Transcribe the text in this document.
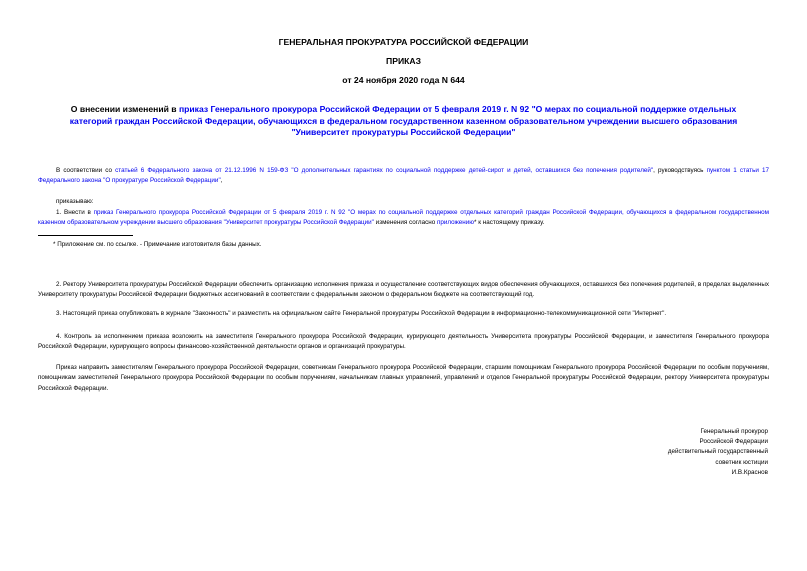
ГЕНЕРАЛЬНАЯ ПРОКУРАТУРА РОССИЙСКОЙ ФЕДЕРАЦИИ
ПРИКАЗ
от 24 ноября 2020 года N 644
О внесении изменений в приказ Генерального прокурора Российской Федерации от 5 февраля 2019 г. N 92 "О мерах по социальной поддержке отдельных категорий граждан Российской Федерации, обучающихся в федеральном государственном казенном образовательном учреждении высшего образования "Университет прокуратуры Российской Федерации"
В соответствии со статьей 6 Федерального закона от 21.12.1996 N 159-ФЗ "О дополнительных гарантиях по социальной поддержке детей-сирот и детей, оставшихся без попечения родителей", руководствуясь пунктом 1 статьи 17 Федерального закона "О прокуратуре Российской Федерации",
приказываю:
1. Внести в приказ Генерального прокурора Российской Федерации от 5 февраля 2019 г. N 92 "О мерах по социальной поддержке отдельных категорий граждан Российской Федерации, обучающихся в федеральном государственном казенном образовательном учреждении высшего образования "Университет прокуратуры Российской Федерации" изменения согласно приложению* к настоящему приказу.
* Приложение см. по ссылке. - Примечание изготовителя базы данных.
2. Ректору Университета прокуратуры Российской Федерации обеспечить организацию исполнения приказа и осуществление соответствующих видов обеспечения обучающихся, оставшихся без попечения родителей, в пределах выделенных Университету прокуратуры Российской Федерации бюджетных ассигнований в соответствии с федеральным законом о федеральном бюджете на соответствующий год.
3. Настоящий приказ опубликовать в журнале "Законность" и разместить на официальном сайте Генеральной прокуратуры Российской Федерации в информационно-телекоммуникационной сети "Интернет".
4. Контроль за исполнением приказа возложить на заместителя Генерального прокурора Российской Федерации, курирующего деятельность Университета прокуратуры Российской Федерации, и заместителя Генерального прокурора Российской Федерации, курирующего вопросы финансово-хозяйственной деятельности органов и организаций прокуратуры.
Приказ направить заместителям Генерального прокурора Российской Федерации, советникам Генерального прокурора Российской Федерации, старшим помощникам Генерального прокурора Российской Федерации по особым поручениям, помощникам заместителей Генерального прокурора Российской Федерации по особым поручениям, начальникам главных управлений, управлений и отделов Генеральной прокуратуры Российской Федерации, ректору Университета прокуратуры Российской Федерации.
Генеральный прокурор
Российской Федерации
действительный государственный
советник юстиции
И.В.Краснов
